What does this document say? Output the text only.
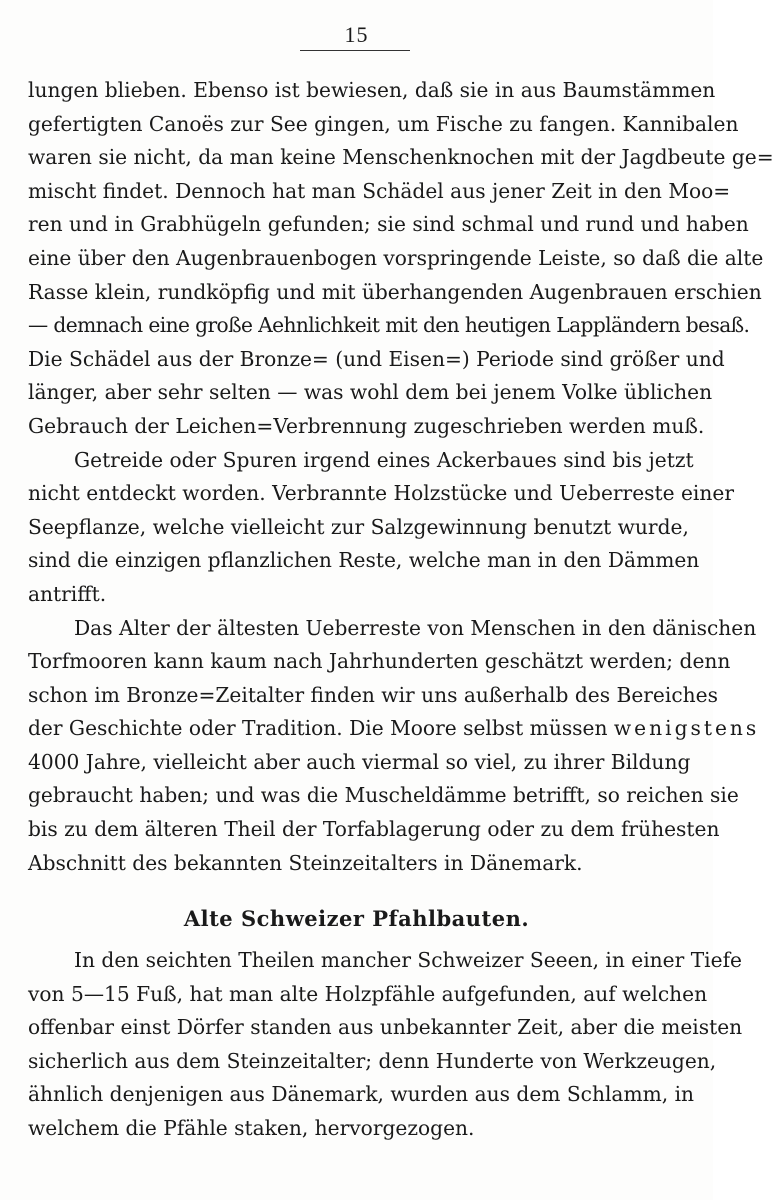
15
lungen blieben. Ebenso ist bewiesen, daß sie in aus Baumstämmen
gefertigten Canoës zur See gingen, um Fische zu fangen. Kannibalen
waren sie nicht, da man keine Menschenknochen mit der Jagdbeute ge=
mischt findet. Dennoch hat man Schädel aus jener Zeit in den Moo=
ren und in Grabhügeln gefunden; sie sind schmal und rund und haben
eine über den Augenbrauenbogen vorspringende Leiste, so daß die alte
Rasse klein, rundköpfig und mit überhangenden Augenbrauen erschien
— demnach eine große Aehnlichkeit mit den heutigen Lappländern besaß.
Die Schädel aus der Bronze= (und Eisen=) Periode sind größer und
länger, aber sehr selten — was wohl dem bei jenem Volke üblichen
Gebrauch der Leichen=Verbrennung zugeschrieben werden muß.
Getreide oder Spuren irgend eines Ackerbaues sind bis jetzt
nicht entdeckt worden. Verbrannte Holzstücke und Ueberreste einer
Seepflanze, welche vielleicht zur Salzgewinnung benutzt wurde,
sind die einzigen pflanzlichen Reste, welche man in den Dämmen
antrifft.
Das Alter der ältesten Ueberreste von Menschen in den dänischen
Torfmooren kann kaum nach Jahrhunderten geschätzt werden; denn
schon im Bronze=Zeitalter finden wir uns außerhalb des Bereiches
der Geschichte oder Tradition. Die Moore selbst müssen wenigstens
4000 Jahre, vielleicht aber auch viermal so viel, zu ihrer Bildung
gebraucht haben; und was die Muscheldämme betrifft, so reichen sie
bis zu dem älteren Theil der Torfablagerung oder zu dem frühesten
Abschnitt des bekannten Steinzeitalters in Dänemark.
Alte Schweizer Pfahlbauten.
In den seichten Theilen mancher Schweizer Seeen, in einer Tiefe
von 5—15 Fuß, hat man alte Holzpfähle aufgefunden, auf welchen
offenbar einst Dörfer standen aus unbekannter Zeit, aber die meisten
sicherlich aus dem Steinzeitalter; denn Hunderte von Werkzeugen,
ähnlich denjenigen aus Dänemark, wurden aus dem Schlamm, in
welchem die Pfähle staken, hervorgezogen.
